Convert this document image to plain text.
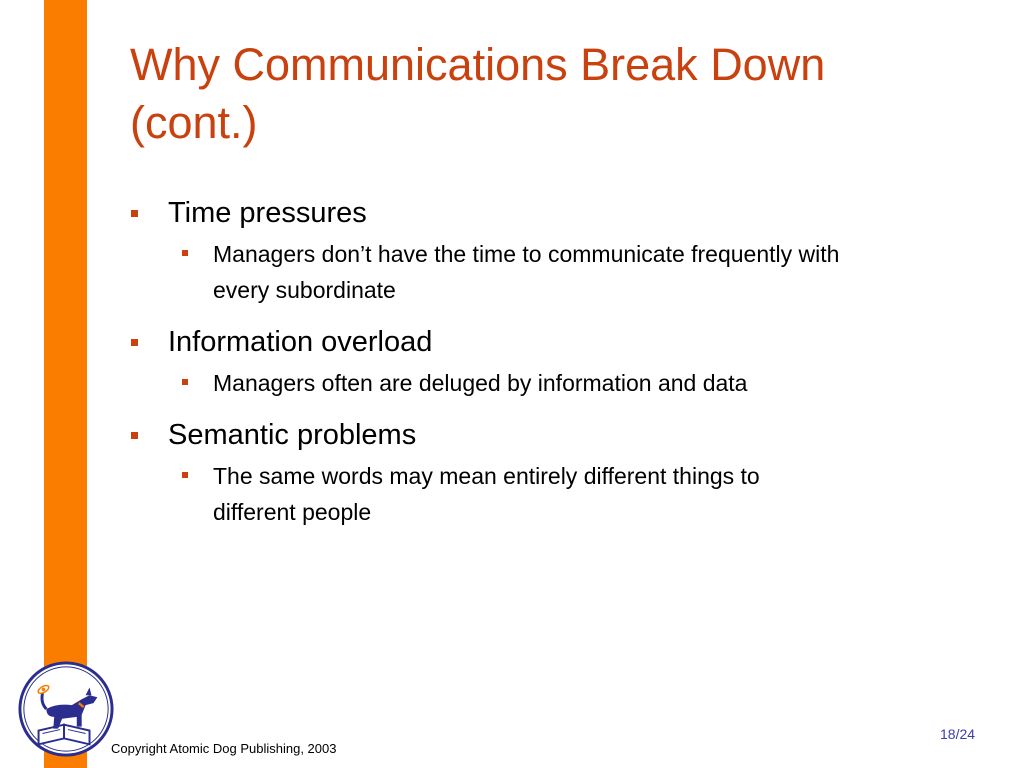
Why Communications Break Down
(cont.)
Time pressures
Managers don’t have the time to communicate frequently with
every subordinate
Information overload
Managers often are deluged by information and data
Semantic problems
The same words may mean entirely different things to
different people
Copyright Atomic Dog Publishing, 2003
18/24
